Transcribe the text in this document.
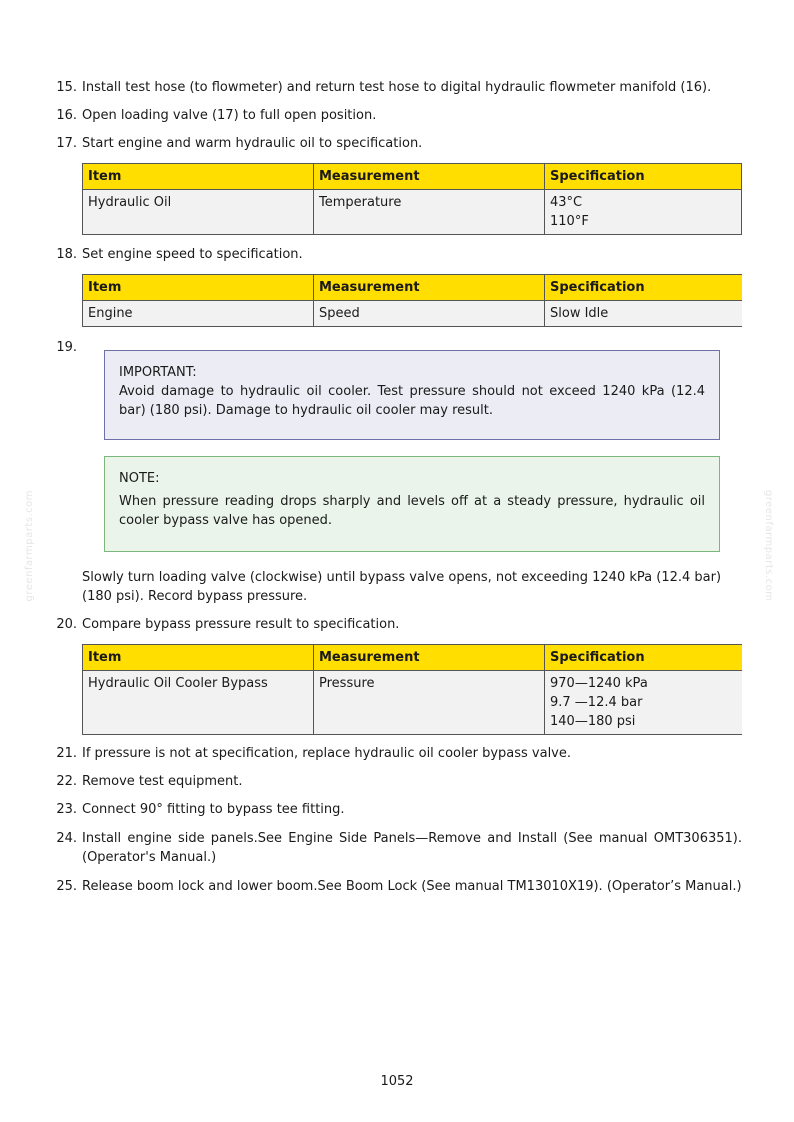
greenfarmparts.com	greenfarmparts.com
15. Install test hose (to flowmeter) and return test hose to digital hydraulic flowmeter manifold (16).
16. Open loading valve (17) to full open position.
17. Start engine and warm hydraulic oil to specification.
Item	Measurement	Specification
Hydraulic Oil	Temperature	43°C
110°F
18. Set engine speed to specification.
Item	Measurement	Specification
Engine	Speed	Slow Idle
19.
IMPORTANT:
Avoid damage to hydraulic oil cooler. Test pressure should not exceed 1240 kPa (12.4 bar) (180 psi). Damage to hydraulic oil cooler may result.
NOTE:
When pressure reading drops sharply and levels off at a steady pressure, hydraulic oil cooler bypass valve has opened.
Slowly turn loading valve (clockwise) until bypass valve opens, not exceeding 1240 kPa (12.4 bar) (180 psi). Record bypass pressure.
20. Compare bypass pressure result to specification.
Item	Measurement	Specification
Hydraulic Oil Cooler Bypass	Pressure	970—1240 kPa
9.7 —12.4 bar
140—180 psi
21. If pressure is not at specification, replace hydraulic oil cooler bypass valve.
22. Remove test equipment.
23. Connect 90° fitting to bypass tee fitting.
24. Install engine side panels.See Engine Side Panels—Remove and Install (See manual OMT306351). (Operator's Manual.)
25. Release boom lock and lower boom.See Boom Lock (See manual TM13010X19). (Operator’s Manual.)
1052
